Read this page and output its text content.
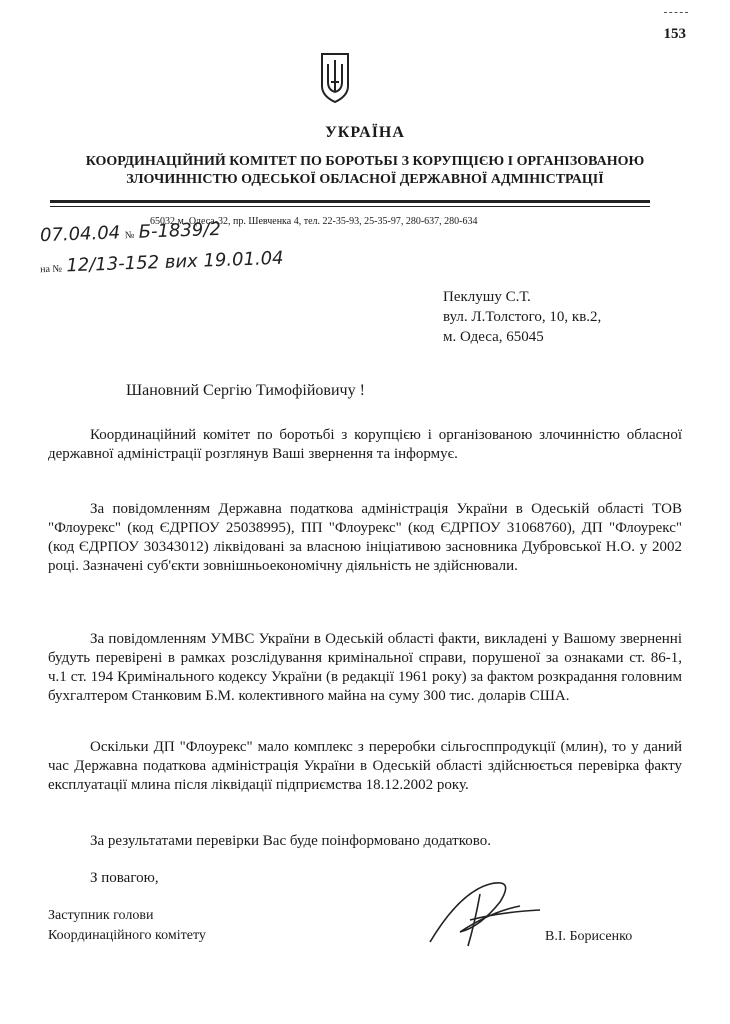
153
УКРАЇНА
КООРДИНАЦІЙНИЙ КОМІТЕТ ПО БОРОТЬБІ З КОРУПЦІЄЮ І ОРГАНІЗОВАНОЮ ЗЛОЧИННІСТЮ ОДЕСЬКОЇ ОБЛАСНОЇ ДЕРЖАВНОЇ АДМІНІСТРАЦІЇ
65032 м. Одеса-32, пр. Шевченка 4, тел. 22-35-93, 25-35-97, 280-637, 280-634
07.04.04 № Б-1839/2
на № 12/13-152 вих 19.01.04
Пеклушу С.Т.
вул. Л.Толстого, 10, кв.2,
м. Одеса, 65045
Шановний Сергію Тимофійовичу !
Координаційний комітет по боротьбі з корупцією і організованою злочинністю обласної державної адміністрації розглянув Ваші звернення та інформує.
За повідомленням Державна податкова адміністрація України в Одеській області ТОВ "Флоурекс" (код ЄДРПОУ 25038995), ПП "Флоурекс" (код ЄДРПОУ 31068760), ДП "Флоурекс" (код ЄДРПОУ 30343012) ліквідовані за власною ініціативою засновника Дубровської Н.О. у 2002 році. Зазначені суб'єкти зовнішньоекономічну діяльність не здійснювали.
За повідомленням УМВС України в Одеській області факти, викладені у Вашому зверненні будуть перевірені в рамках розслідування кримінальної справи, порушеної за ознаками ст. 86-1, ч.1 ст. 194 Кримінального кодексу України (в редакції 1961 року) за фактом розкрадання головним бухгалтером Станковим Б.М. колективного майна на суму 300 тис. доларів США.
Оскільки ДП "Флоурекс" мало комплекс з переробки сільгосппродукції (млин), то у даний час Державна податкова адміністрація України в Одеській області здійснюється перевірка факту експлуатації млина після ліквідації підприємства 18.12.2002 року.
За результатами перевірки Вас буде поінформовано додатково.
З повагою,
Заступник голови
Координаційного комітету	В.І. Борисенко
